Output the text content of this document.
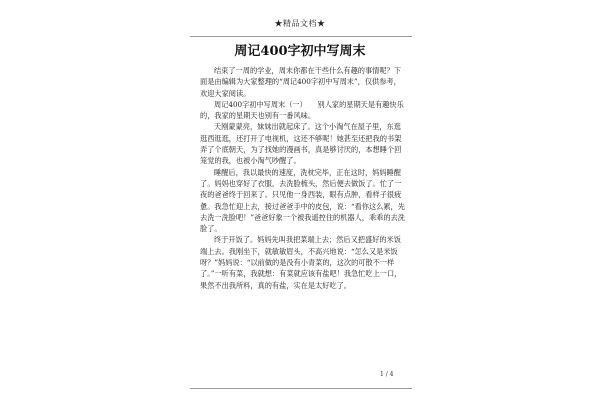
★精品文档★
周记400字初中写周末

结束了一周的学业，周末你都在干些什么有趣的事情呢？下面是由编辑为大家整理的“周记400字初中写周末”，仅供参考，欢迎大家阅读。

周记400字初中写周末（一）　　别人家的星期天是有趣快乐的，我家的星期天也别有一番风味。

天刚蒙蒙亮，妹妹出就起床了。这个小淘气在屋子里，东逛逛西逛逛，还打开了电视机，这还不够呢！她甚至还把我的书架弄了个底朝天，为了找她的漫画书，真是够讨厌的，本想睡个回笼觉的我，也被小淘气吵醒了。

睡醒后，我以最快的速度，洗枕完毕，正在这时，妈妈睡醒了。妈妈也穿好了衣服，去洗脸梳头，然后便去做饭了。忙了一夜的爸爸终于回来了。只见他一身西装，眼有点肿，看样子很疲惫。我急忙迎上去，接过爸爸手中的皮包，说：“看你这么累，先去洗一洗脸吧！”爸爸好象一个被我遥控住的机器人，乖乖的去洗脸了。

终于开饭了。妈妈先叫我把菜端上去；然后又把盛好的米饭端上去。我刚坐下，就敏敏眉头，不高兴地说：“怎么又是米饭呀？”妈妈说：“以前做的是没有小青菜的，这次的可散不一样了。”一听有菜，我就想：有菜就应该有盐吧！我急忙吃上一口，果然不出我所料，真的有盐，实在是太好吃了。

1 / 4
